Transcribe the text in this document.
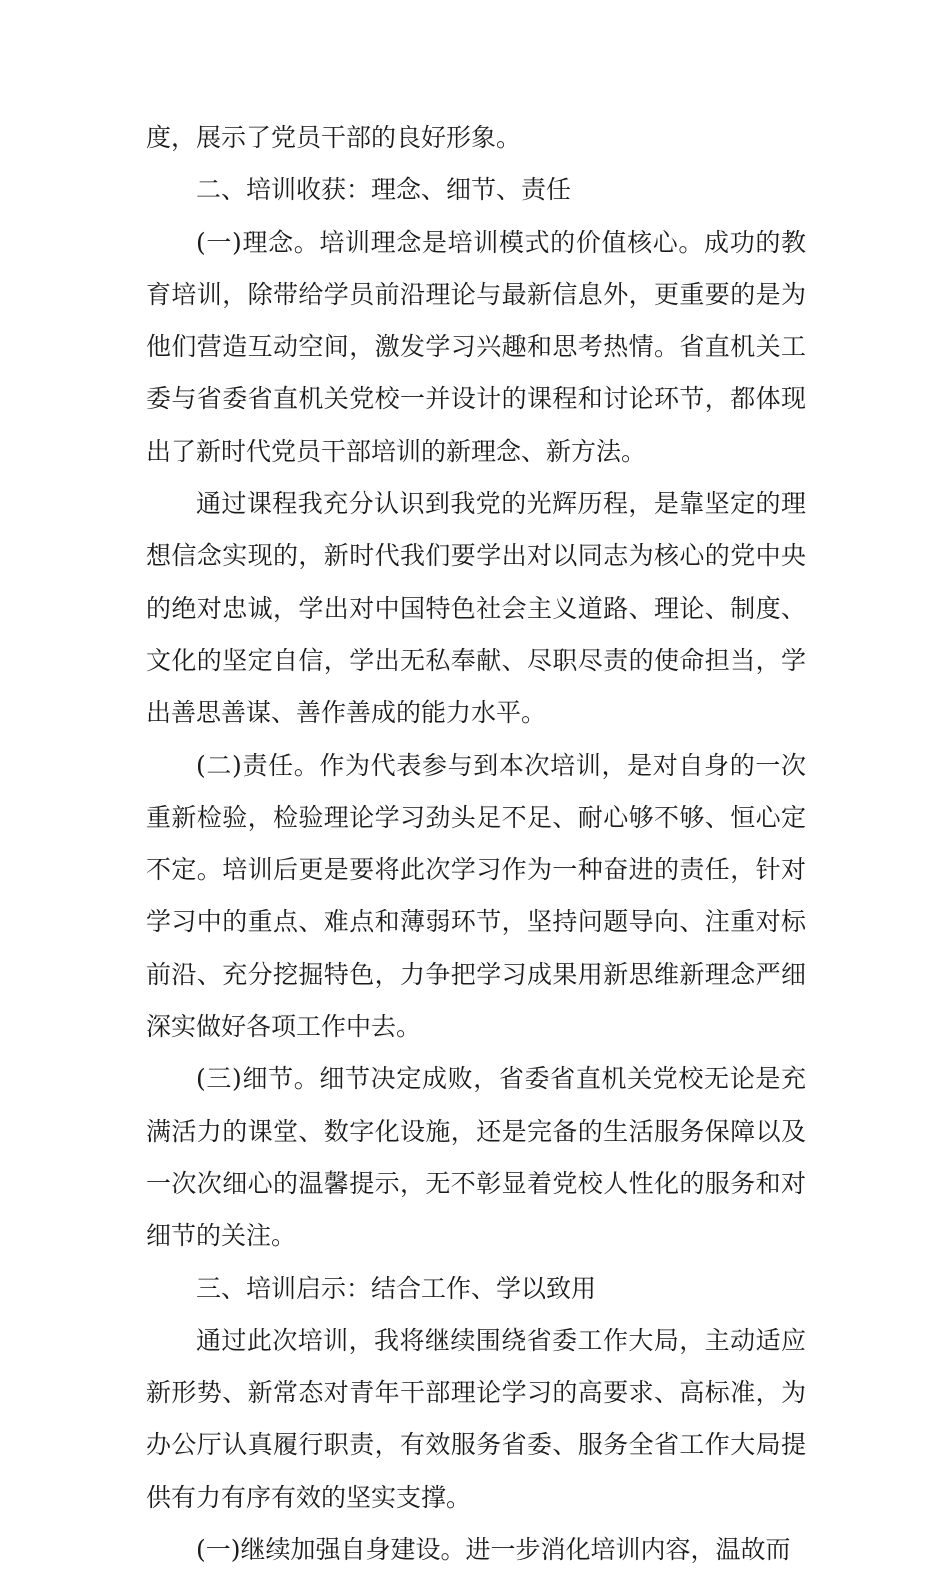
度，展示了党员干部的良好形象。

二、培训收获：理念、细节、责任

(一)理念。培训理念是培训模式的价值核心。成功的教育培训，除带给学员前沿理论与最新信息外，更重要的是为他们营造互动空间，激发学习兴趣和思考热情。省直机关工委与省委省直机关党校一并设计的课程和讨论环节，都体现出了新时代党员干部培训的新理念、新方法。

通过课程我充分认识到我党的光辉历程，是靠坚定的理想信念实现的，新时代我们要学出对以同志为核心的党中央的绝对忠诚，学出对中国特色社会主义道路、理论、制度、文化的坚定自信，学出无私奉献、尽职尽责的使命担当，学出善思善谋、善作善成的能力水平。

(二)责任。作为代表参与到本次培训，是对自身的一次重新检验，检验理论学习劲头足不足、耐心够不够、恒心定不定。培训后更是要将此次学习作为一种奋进的责任，针对学习中的重点、难点和薄弱环节，坚持问题导向、注重对标前沿、充分挖掘特色，力争把学习成果用新思维新理念严细深实做好各项工作中去。

(三)细节。细节决定成败，省委省直机关党校无论是充满活力的课堂、数字化设施，还是完备的生活服务保障以及一次次细心的温馨提示，无不彰显着党校人性化的服务和对细节的关注。

三、培训启示：结合工作、学以致用

通过此次培训，我将继续围绕省委工作大局，主动适应新形势、新常态对青年干部理论学习的高要求、高标准，为办公厅认真履行职责，有效服务省委、服务全省工作大局提供有力有序有效的坚实支撑。

(一)继续加强自身建设。进一步消化培训内容，温故而
